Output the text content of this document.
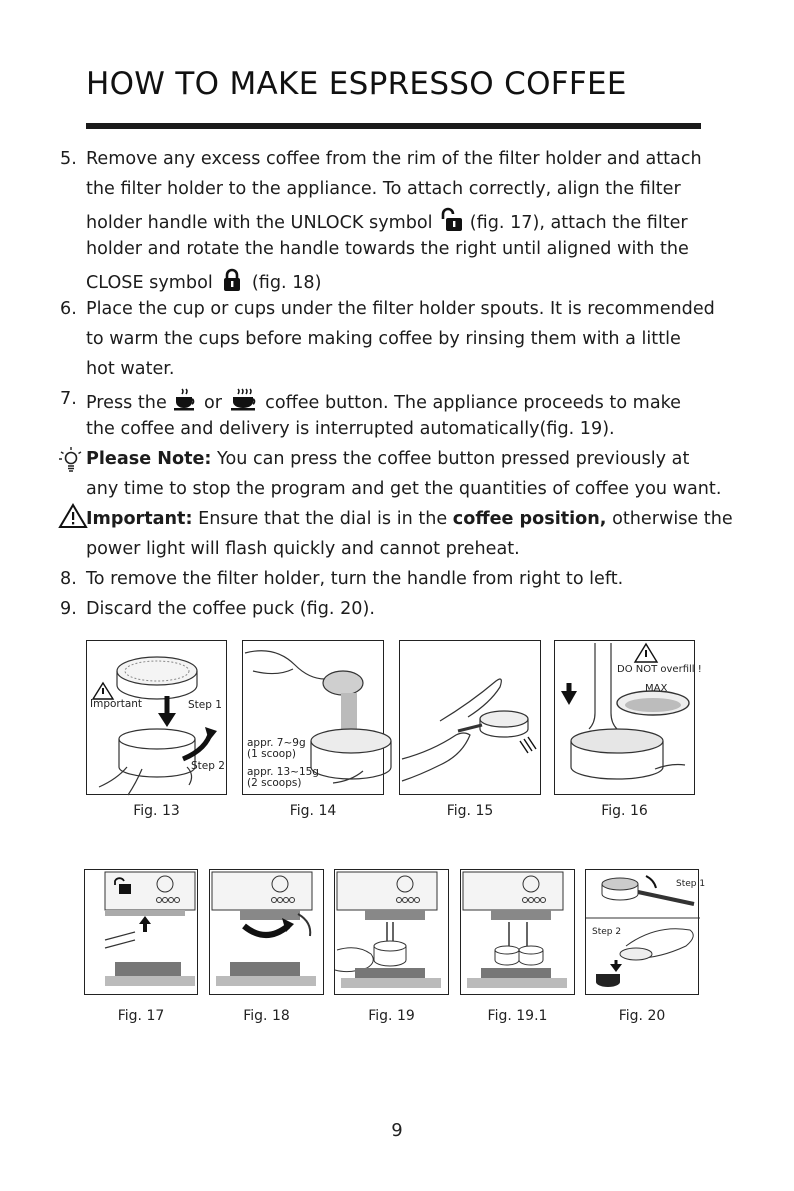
HOW TO MAKE ESPRESSO COFFEE
5. Remove any excess coffee from the rim of the filter holder and attach
the filter holder to the appliance. To attach correctly, align the filter
holder handle with the UNLOCK symbol (fig. 17), attach the filter
holder and rotate the handle towards the right until aligned with the
CLOSE symbol (fig. 18)
6. Place the cup or cups under the filter holder spouts. It is recommended
to warm the cups before making coffee by rinsing them with a little
hot water.
7. Press the or coffee button. The appliance proceeds to make
the coffee and delivery is interrupted automatically(fig. 19).
Please Note: You can press the coffee button pressed previously at
any time to stop the program and get the quantities of coffee you want.
Important: Ensure that the dial is in the coffee position, otherwise the
power light will flash quickly and cannot preheat.
8. To remove the filter holder, turn the handle from right to left.
9. Discard the coffee puck (fig. 20).
Important	Step 1
Step 2
Fig. 13
appr. 7~9g
(1 scoop)
appr. 13~15g
(2 scoops)
Fig. 14	Fig. 15
DO NOT overfill !
MAX
Fig. 16
Fig. 17	Fig. 18	Fig. 19	Fig. 19.1
Step 1
Step 2
Fig. 20
9
